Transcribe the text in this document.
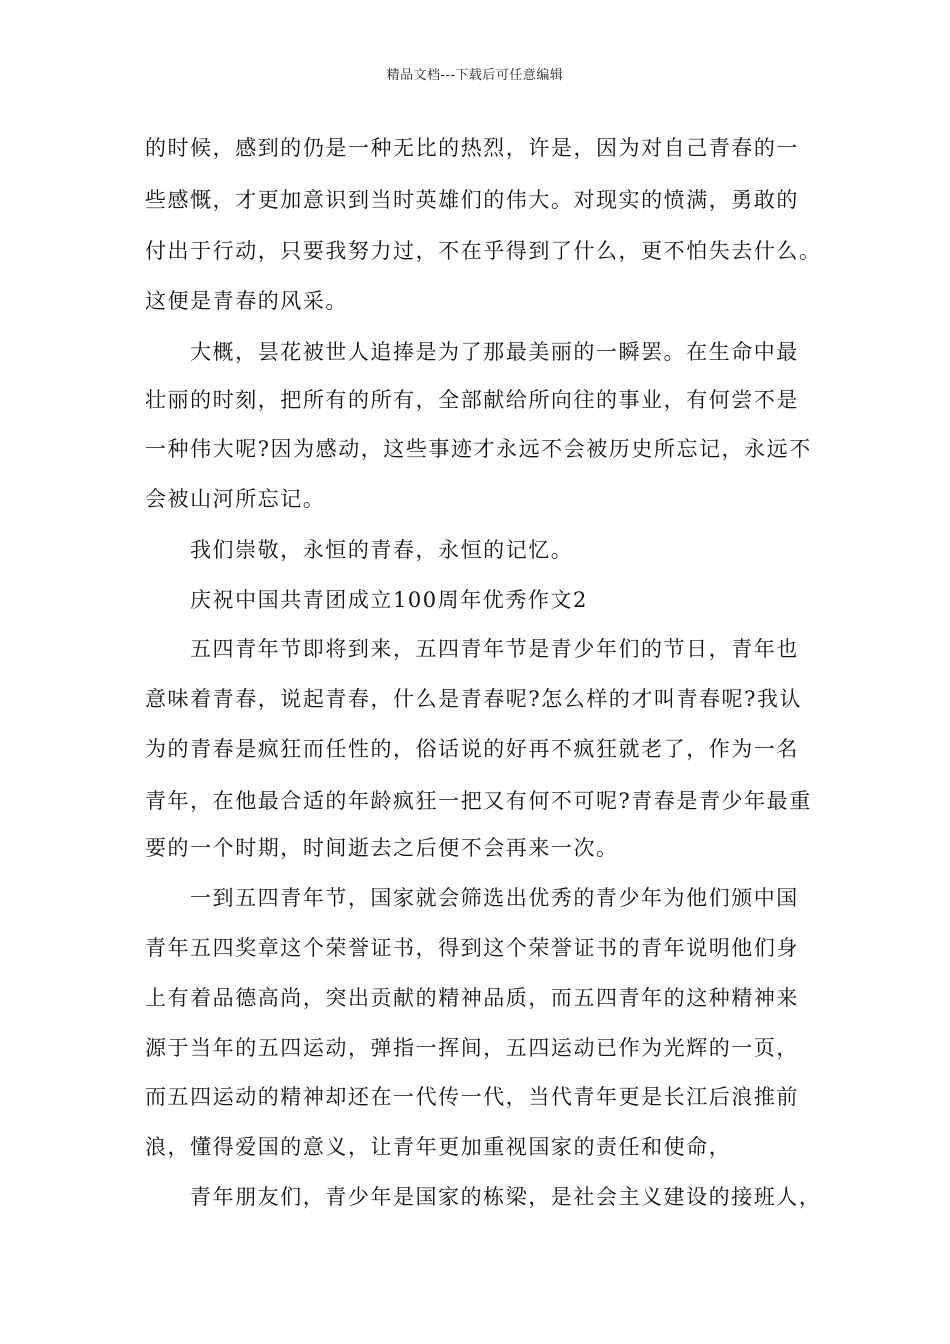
精品文档---下载后可任意编辑
的时候，感到的仍是一种无比的热烈，许是，因为对自己青春的一
些感慨，才更加意识到当时英雄们的伟大。对现实的愤满，勇敢的
付出于行动，只要我努力过，不在乎得到了什么，更不怕失去什么。
这便是青春的风采。
大概，昙花被世人追捧是为了那最美丽的一瞬罢。在生命中最
壮丽的时刻，把所有的所有，全部献给所向往的事业，有何尝不是
一种伟大呢?因为感动，这些事迹才永远不会被历史所忘记，永远不
会被山河所忘记。
我们崇敬，永恒的青春，永恒的记忆。
庆祝中国共青团成立100周年优秀作文2
五四青年节即将到来，五四青年节是青少年们的节日，青年也
意味着青春，说起青春，什么是青春呢?怎么样的才叫青春呢?我认
为的青春是疯狂而任性的，俗话说的好再不疯狂就老了，作为一名
青年，在他最合适的年龄疯狂一把又有何不可呢?青春是青少年最重
要的一个时期，时间逝去之后便不会再来一次。
一到五四青年节，国家就会筛选出优秀的青少年为他们颁中国
青年五四奖章这个荣誉证书，得到这个荣誉证书的青年说明他们身
上有着品德高尚，突出贡献的精神品质，而五四青年的这种精神来
源于当年的五四运动，弹指一挥间，五四运动已作为光辉的一页，
而五四运动的精神却还在一代传一代，当代青年更是长江后浪推前
浪，懂得爱国的意义，让青年更加重视国家的责任和使命，
青年朋友们，青少年是国家的栋梁，是社会主义建设的接班人，
